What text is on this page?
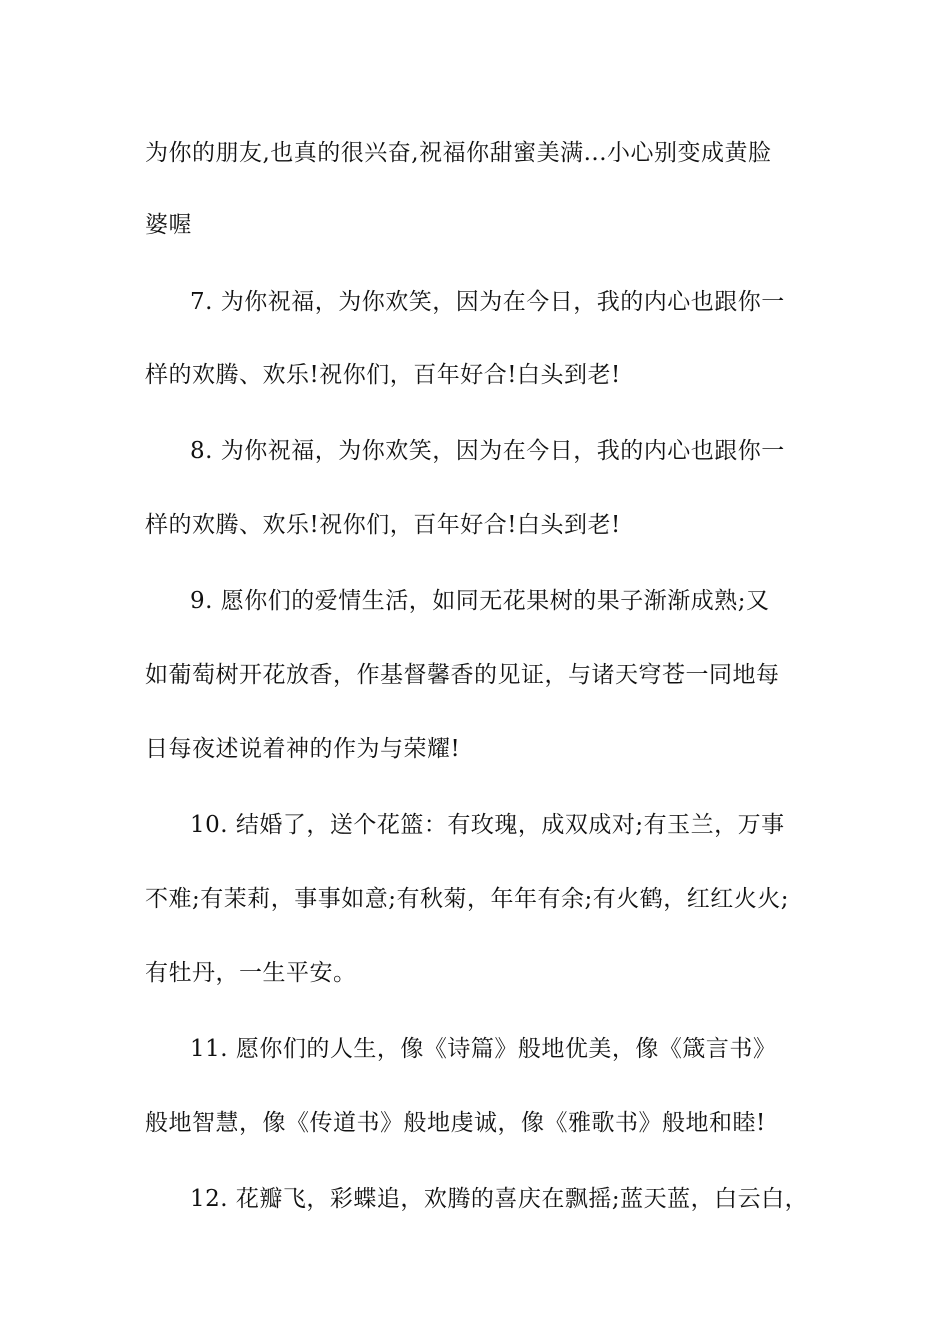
为你的朋友,也真的很兴奋,祝福你甜蜜美满...小心别变成黄脸
婆喔
7. 为你祝福，为你欢笑，因为在今日，我的内心也跟你一
样的欢腾、欢乐!祝你们，百年好合!白头到老!
8. 为你祝福，为你欢笑，因为在今日，我的内心也跟你一
样的欢腾、欢乐!祝你们，百年好合!白头到老!
9. 愿你们的爱情生活，如同无花果树的果子渐渐成熟;又
如葡萄树开花放香，作基督馨香的见证，与诸天穹苍一同地每
日每夜述说着神的作为与荣耀!
10. 结婚了，送个花篮：有玫瑰，成双成对;有玉兰，万事
不难;有茉莉，事事如意;有秋菊，年年有余;有火鹤，红红火火;
有牡丹，一生平安。
11. 愿你们的人生，像《诗篇》般地优美，像《箴言书》
般地智慧，像《传道书》般地虔诚，像《雅歌书》般地和睦!
12. 花瓣飞，彩蝶追，欢腾的喜庆在飘摇;蓝天蓝，白云白，
